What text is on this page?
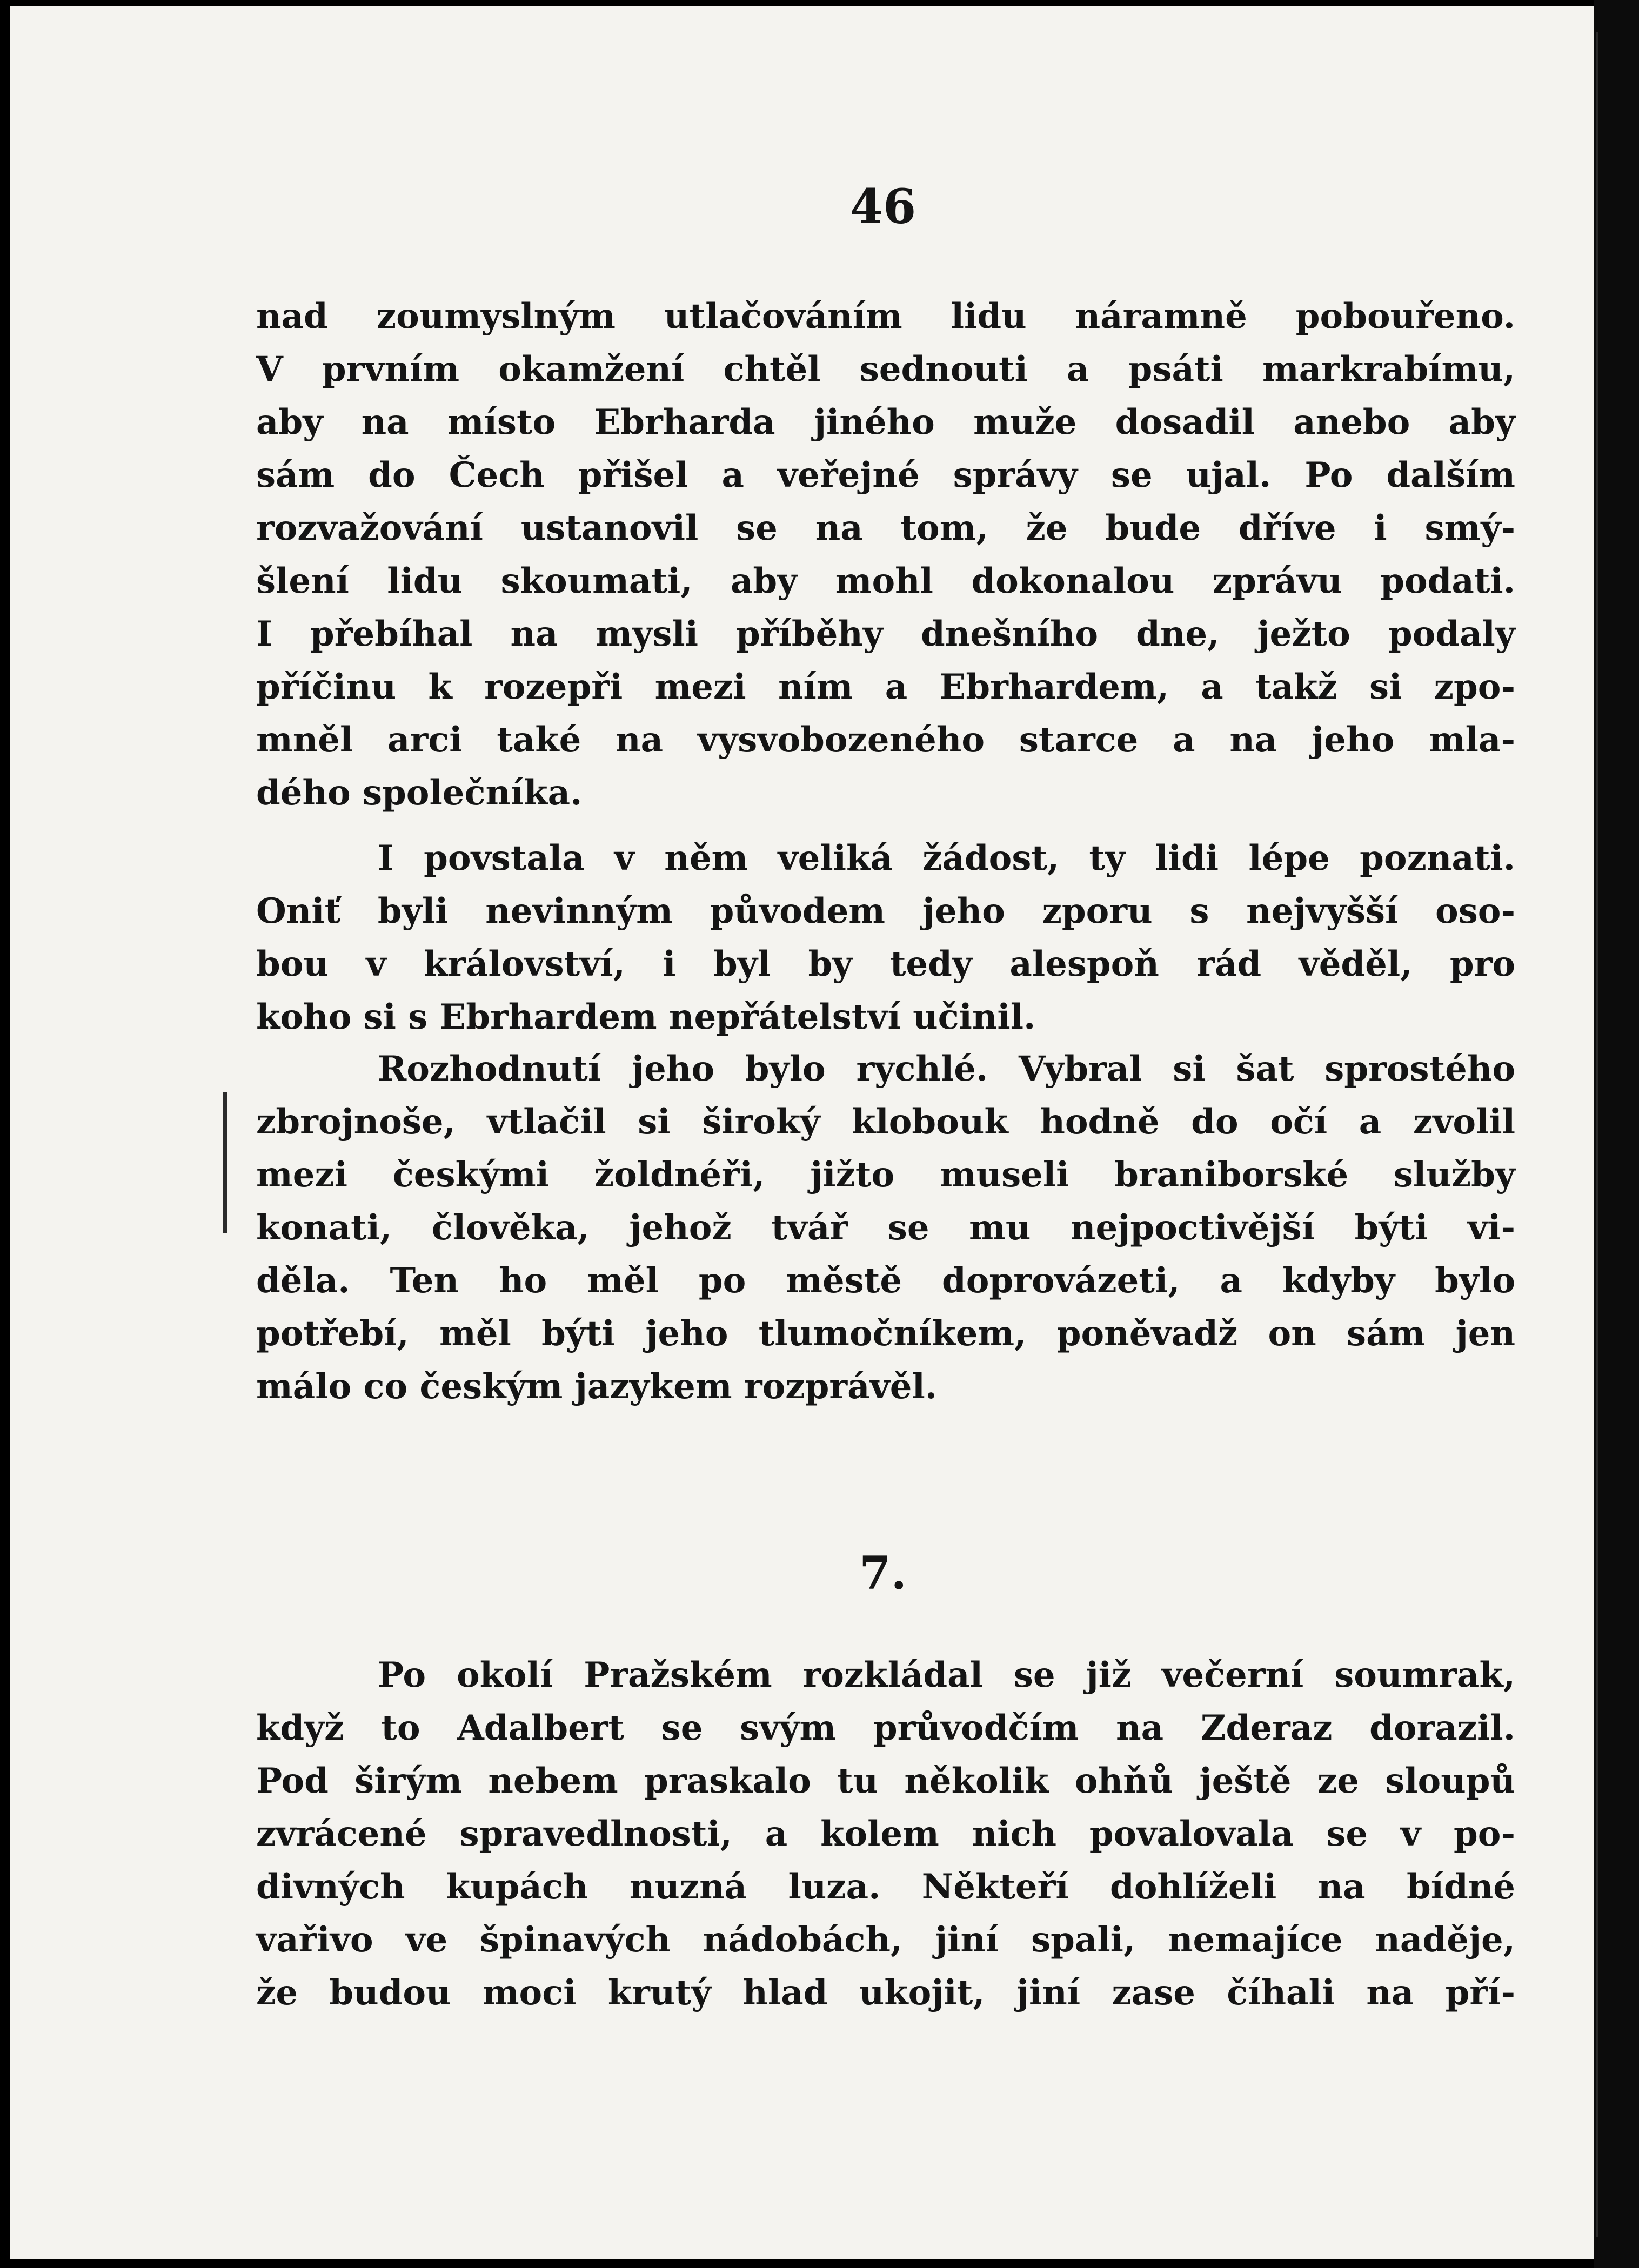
46
nad zoumyslným utlačováním lidu náramně pobouřeno.
V prvním okamžení chtěl sednouti a psáti markrabímu,
aby na místo Ebrharda jiného muže dosadil anebo aby
sám do Čech přišel a veřejné správy se ujal. Po dalším
rozvažování ustanovil se na tom, že bude dříve i smý-
šlení lidu skoumati, aby mohl dokonalou zprávu podati.
I přebíhal na mysli příběhy dnešního dne, ježto podaly
příčinu k rozepři mezi ním a Ebrhardem, a takž si zpo-
mněl arci také na vysvobozeného starce a na jeho mla-
dého společníka.
I povstala v něm veliká žádost, ty lidi lépe poznati.
Oniť byli nevinným původem jeho zporu s nejvyšší oso-
bou v království, i byl by tedy alespoň rád věděl, pro
koho si s Ebrhardem nepřátelství učinil.
Rozhodnutí jeho bylo rychlé. Vybral si šat sprostého
zbrojnoše, vtlačil si široký klobouk hodně do očí a zvolil
mezi českými žoldnéři, jižto museli braniborské služby
konati, člověka, jehož tvář se mu nejpoctivější býti vi-
děla. Ten ho měl po městě doprovázeti, a kdyby bylo
potřebí, měl býti jeho tlumočníkem, poněvadž on sám jen
málo co českým jazykem rozprávěl.
7.
Po okolí Pražském rozkládal se již večerní soumrak,
když to Adalbert se svým průvodčím na Zderaz dorazil.
Pod širým nebem praskalo tu několik ohňů ještě ze sloupů
zvrácené spravedlnosti, a kolem nich povalovala se v po-
divných kupách nuzná luza. Někteří dohlíželi na bídné
vařivo ve špinavých nádobách, jiní spali, nemajíce naděje,
že budou moci krutý hlad ukojit, jiní zase číhali na pří-
